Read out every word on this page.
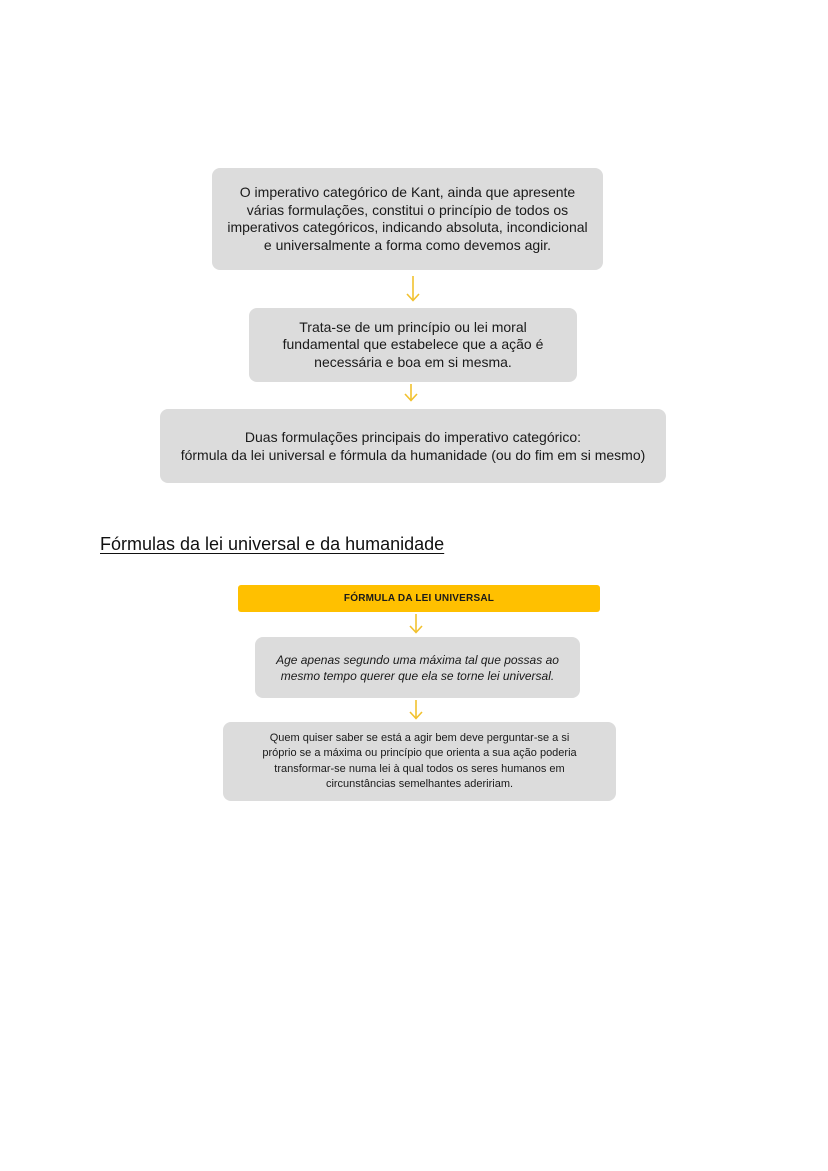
O imperativo categórico de Kant, ainda que apresente
várias formulações, constitui o princípio de todos os
imperativos categóricos, indicando absoluta, incondicional
e universalmente a forma como devemos agir.
Trata-se de um princípio ou lei moral
fundamental que estabelece que a ação é
necessária e boa em si mesma.
Duas formulações principais do imperativo categórico:
fórmula da lei universal e fórmula da humanidade (ou do fim em si mesmo)
Fórmulas da lei universal e da humanidade
FÓRMULA DA LEI UNIVERSAL
Age apenas segundo uma máxima tal que possas ao
mesmo tempo querer que ela se torne lei universal.
Quem quiser saber se está a agir bem deve perguntar-se a si
próprio se a máxima ou princípio que orienta a sua ação poderia
transformar-se numa lei à qual todos os seres humanos em
circunstâncias semelhantes adeririam.
